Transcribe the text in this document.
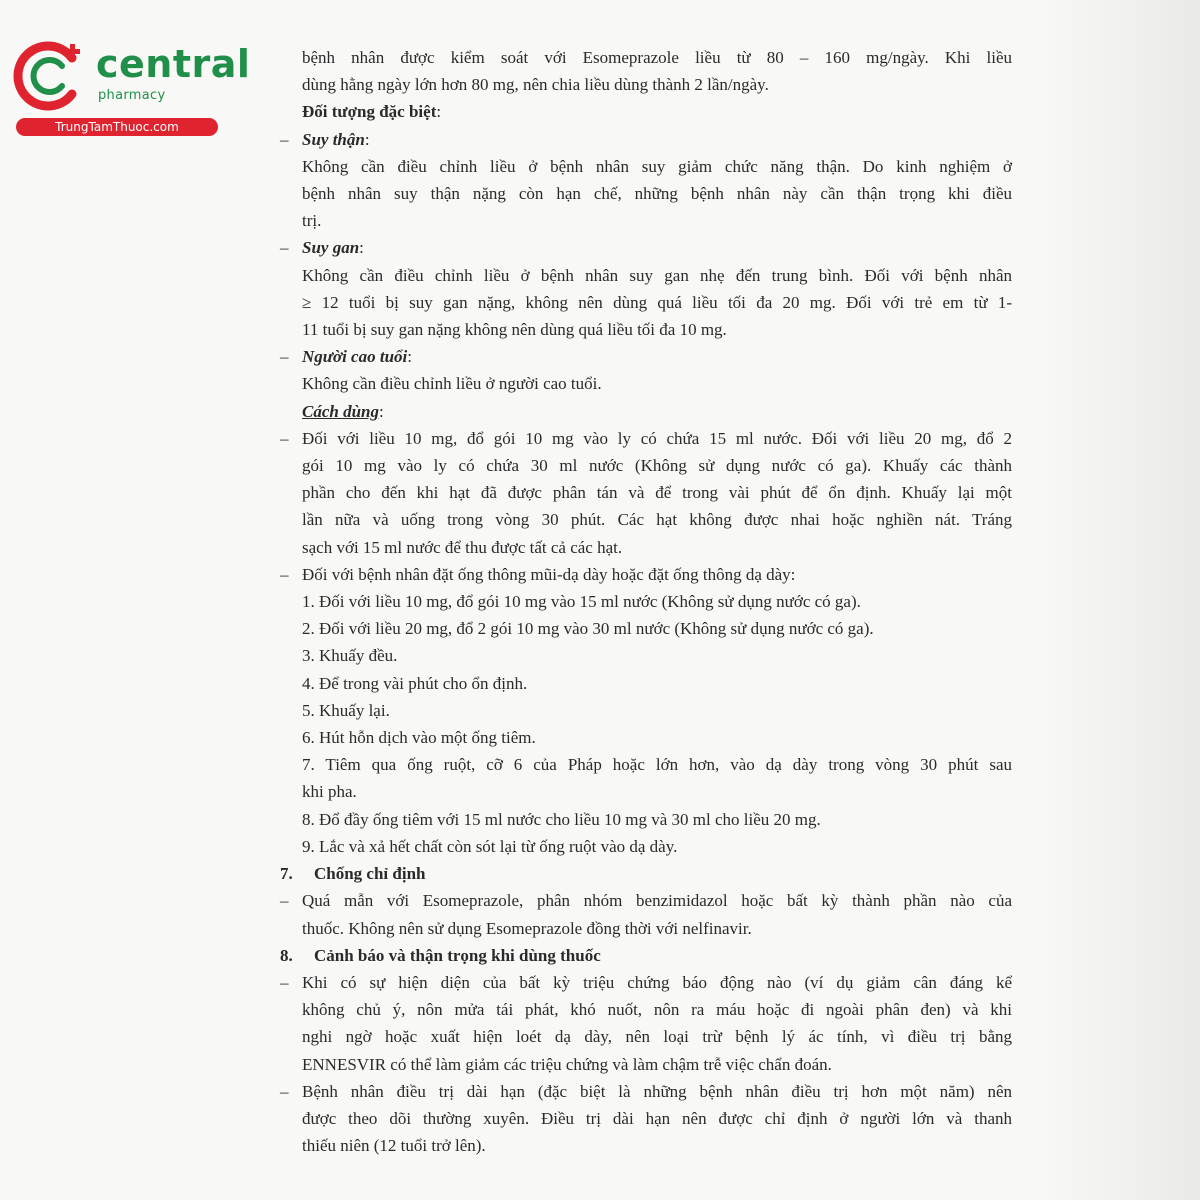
central
pharmacy
TrungTamThuoc.com
bệnh nhân được kiểm soát với Esomeprazole liều từ 80 – 160 mg/ngày. Khi liều
dùng hằng ngày lớn hơn 80 mg, nên chia liều dùng thành 2 lần/ngày.
Đối tượng đặc biệt:
– Suy thận:
Không cần điều chỉnh liều ở bệnh nhân suy giảm chức năng thận. Do kinh nghiệm ở
bệnh nhân suy thận nặng còn hạn chế, những bệnh nhân này cần thận trọng khi điều
trị.
– Suy gan:
Không cần điều chỉnh liều ở bệnh nhân suy gan nhẹ đến trung bình. Đối với bệnh nhân
≥ 12 tuổi bị suy gan nặng, không nên dùng quá liều tối đa 20 mg. Đối với trẻ em từ 1-
11 tuổi bị suy gan nặng không nên dùng quá liều tối đa 10 mg.
– Người cao tuổi:
Không cần điều chỉnh liều ở người cao tuổi.
Cách dùng:
– Đối với liều 10 mg, đổ gói 10 mg vào ly có chứa 15 ml nước. Đối với liều 20 mg, đổ 2
gói 10 mg vào ly có chứa 30 ml nước (Không sử dụng nước có ga). Khuấy các thành
phần cho đến khi hạt đã được phân tán và để trong vài phút để ổn định. Khuấy lại một
lần nữa và uống trong vòng 30 phút. Các hạt không được nhai hoặc nghiền nát. Tráng
sạch với 15 ml nước để thu được tất cả các hạt.
– Đối với bệnh nhân đặt ống thông mũi-dạ dày hoặc đặt ống thông dạ dày:
1. Đối với liều 10 mg, đổ gói 10 mg vào 15 ml nước (Không sử dụng nước có ga).
2. Đối với liều 20 mg, đổ 2 gói 10 mg vào 30 ml nước (Không sử dụng nước có ga).
3. Khuấy đều.
4. Để trong vài phút cho ổn định.
5. Khuấy lại.
6. Hút hỗn dịch vào một ống tiêm.
7. Tiêm qua ống ruột, cỡ 6 của Pháp hoặc lớn hơn, vào dạ dày trong vòng 30 phút sau
khi pha.
8. Đổ đầy ống tiêm với 15 ml nước cho liều 10 mg và 30 ml cho liều 20 mg.
9. Lắc và xả hết chất còn sót lại từ ống ruột vào dạ dày.
7. Chống chỉ định
– Quá mẫn với Esomeprazole, phân nhóm benzimidazol hoặc bất kỳ thành phần nào của
thuốc. Không nên sử dụng Esomeprazole đồng thời với nelfinavir.
8. Cảnh báo và thận trọng khi dùng thuốc
– Khi có sự hiện diện của bất kỳ triệu chứng báo động nào (ví dụ giảm cân đáng kể
không chủ ý, nôn mửa tái phát, khó nuốt, nôn ra máu hoặc đi ngoài phân đen) và khi
nghi ngờ hoặc xuất hiện loét dạ dày, nên loại trừ bệnh lý ác tính, vì điều trị bằng
ENNESVIR có thể làm giảm các triệu chứng và làm chậm trễ việc chẩn đoán.
– Bệnh nhân điều trị dài hạn (đặc biệt là những bệnh nhân điều trị hơn một năm) nên
được theo dõi thường xuyên. Điều trị dài hạn nên được chỉ định ở người lớn và thanh
thiếu niên (12 tuổi trở lên).
